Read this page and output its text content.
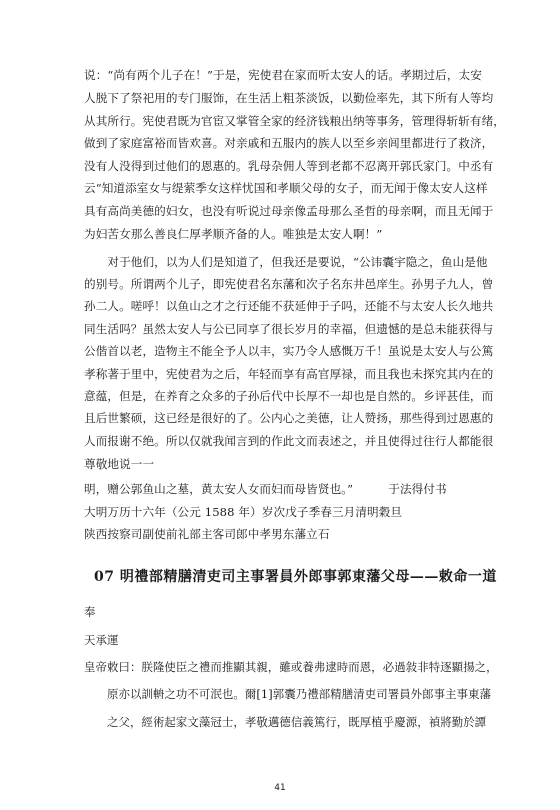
说：“尚有两个儿子在！”于是，宪使君在家而听太安人的话。孝期过后，太安
人脱下了祭祀用的专门服饰，在生活上粗茶淡饭，以勤俭率先，其下所有人等均
从其所行。宪使君既为官宦又掌管全家的经济钱粮出纳等事务，管理得斩斩有绪，
做到了家庭富裕而皆欢喜。对亲戚和五服内的族人以至乡亲闾里都进行了救济，
没有人没得到过他们的恩惠的。乳母杂佣人等到老都不忍离开郭氏家门。中丞有
云“知道添室女与缇萦季女这样忧国和孝顺父母的女子，而无闻于像太安人这样
具有高尚美德的妇女，也没有听说过母亲像孟母那么圣哲的母亲啊，而且无闻于
为妇苦女那么善良仁厚孝顺齐备的人。唯独是太安人啊！”
　　对于他们，以为人们是知道了，但我还是要说，“公讳囊宇隐之，鱼山是他
的别号。所谓两个儿子，即宪使君名东藩和次子名东井邑庠生。孙男子九人，曾
孙二人。嗟呼！以鱼山之才之行还能不获延伸于子吗，还能不与太安人长久地共
同生活吗？虽然太安人与公已同享了很长岁月的幸福，但遗憾的是总未能获得与
公偕首以老，造物主不能全予人以丰，实乃令人感慨万千！虽说是太安人与公篤
孝称著于里中，宪使君为之后，年轻而享有高官厚禄，而且我也未探究其内在的
意蕴，但是，在养育之众多的子孙后代中长厚不一却也是自然的。乡评甚佳，而
且后世繁硕，这已经是很好的了。公内心之美德，让人赞扬，那些得到过恩惠的
人而报谢不绝。所以仅就我闻言到的作此文而表述之，并且使得过往行人都能很
尊敬地说一一
明，赠公郭鱼山之墓，黄太安人女而妇而母皆贤也。”　　　于法得付书
大明万历十六年（公元 1588 年）岁次戊子季春三月清明穀旦
陕西按察司副使前礼部主客司郎中孝男东藩立石
07 明禮部精膳清吏司主事署員外郎事郭東藩父母——敕命一道
奉
天承運
皇帝敕曰：朕隆使臣之禮而推顯其親，雖或養弗逮時而恩，必過敍非特逐顯揚之，
　　原亦以訓輈之功不可泯也。爾[1]郭囊乃禮部精膳清吏司署員外郎事主事東藩
　　之父，經術起家文藻冠士，孝敬邁德信義篤行，既厚植乎慶源，禎將勤於譚
41
